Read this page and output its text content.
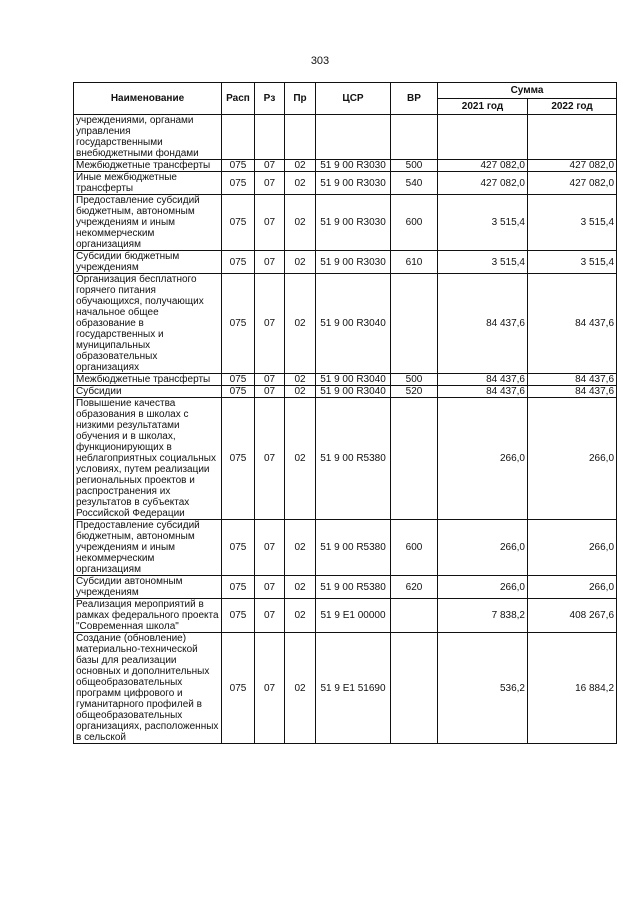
303
Наименование	Расп	Рз	Пр	ЦСР	ВР	Сумма	
						2021 год	2022 год
учреждениями, органами управления государственными внебюджетными фондами							
Межбюджетные трансферты	075	07	02	51 9 00 R3030	500	427 082,0	427 082,0
Иные межбюджетные трансферты	075	07	02	51 9 00 R3030	540	427 082,0	427 082,0
Предоставление субсидий бюджетным, автономным учреждениям и иным некоммерческим организациям	075	07	02	51 9 00 R3030	600	3 515,4	3 515,4
Субсидии бюджетным учреждениям	075	07	02	51 9 00 R3030	610	3 515,4	3 515,4
Организация бесплатного горячего питания обучающихся, получающих начальное общее образование в государственных и муниципальных образовательных организациях	075	07	02	51 9 00 R3040		84 437,6	84 437,6
Межбюджетные трансферты	075	07	02	51 9 00 R3040	500	84 437,6	84 437,6
Субсидии	075	07	02	51 9 00 R3040	520	84 437,6	84 437,6
Повышение качества образования в школах с низкими результатами обучения и в школах, функционирующих в неблагоприятных социальных условиях, путем реализации региональных проектов и распространения их результатов в субъектах Российской Федерации	075	07	02	51 9 00 R5380		266,0	266,0
Предоставление субсидий бюджетным, автономным учреждениям и иным некоммерческим организациям	075	07	02	51 9 00 R5380	600	266,0	266,0
Субсидии автономным учреждениям	075	07	02	51 9 00 R5380	620	266,0	266,0
Реализация мероприятий в рамках федерального проекта "Современная школа"	075	07	02	51 9 E1 00000		7 838,2	408 267,6
Создание (обновление) материально-технической базы для реализации основных и дополнительных общеобразовательных программ цифрового и гуманитарного профилей в общеобразовательных организациях, расположенных в сельской	075	07	02	51 9 E1 51690		536,2	16 884,2
